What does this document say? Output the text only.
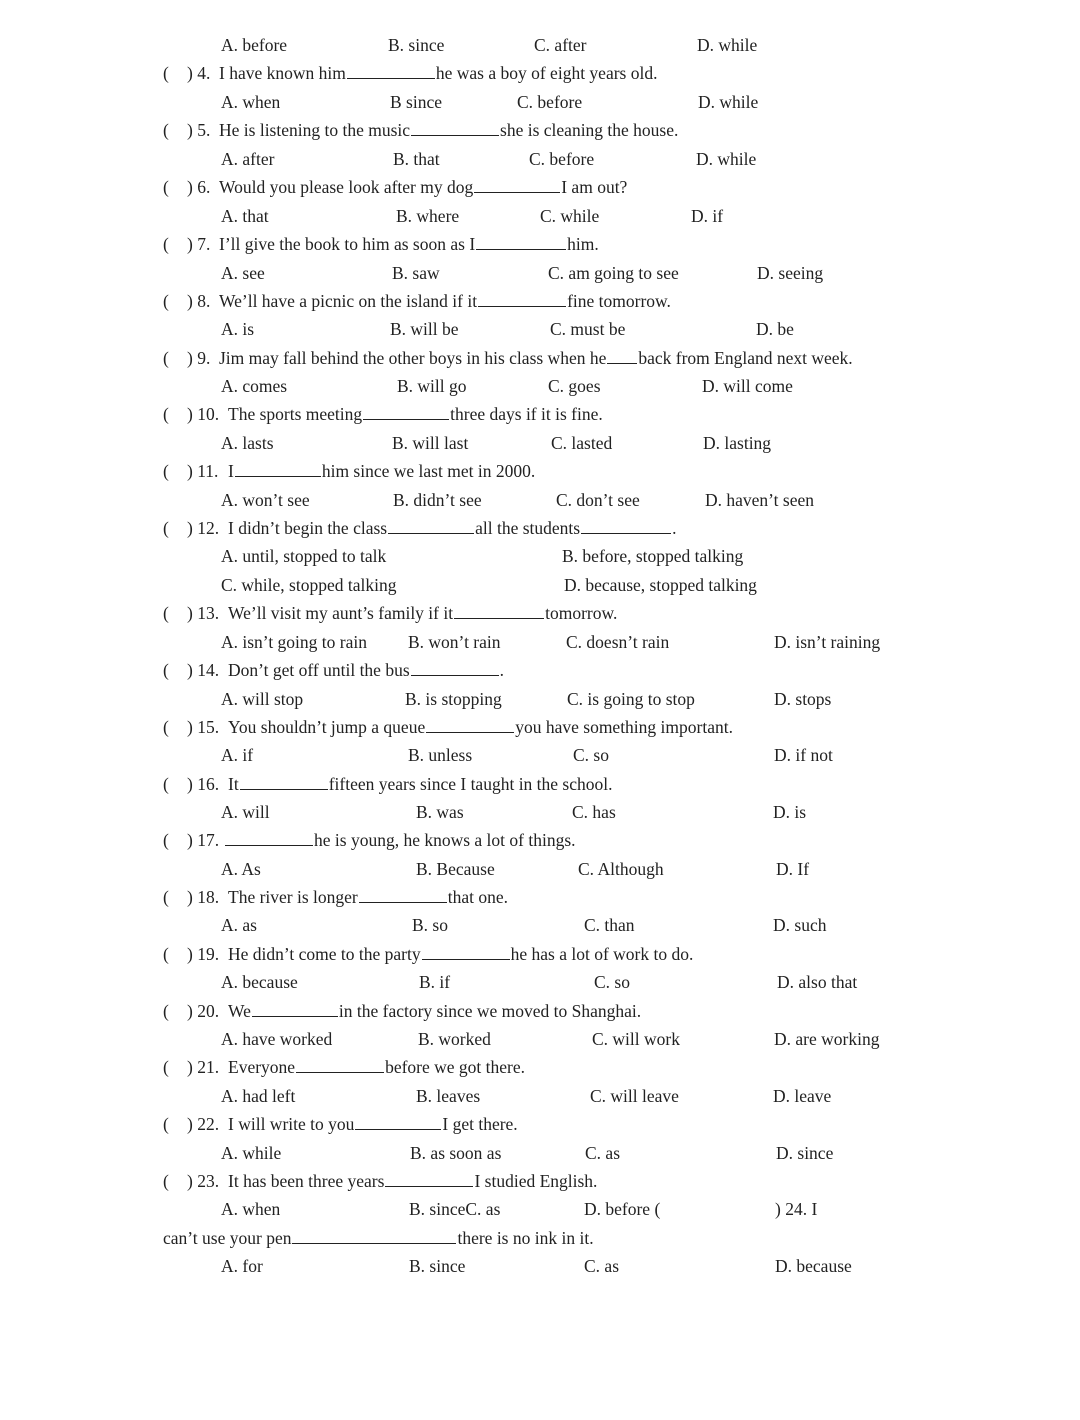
A. before	B. since	C. after	D. while
( ) 4. I have known him	he was a boy of eight years old.
A. when	B since	C. before	D. while
( ) 5. He is listening to the music	she is cleaning the house.
A. after	B. that	C. before	D. while
( ) 6. Would you please look after my dog	I am out?
A. that	B. where	C. while	D. if
( ) 7. I’ll give the book to him as soon as I	him.
A. see	B. saw	C. am going to see	D. seeing
( ) 8. We’ll have a picnic on the island if it	fine tomorrow.
A. is	B. will be	C. must be	D. be
( ) 9. Jim may fall behind the other boys in his class when he back from England next week.
A. comes	B. will go	C. goes	D. will come
( ) 10. The sports meeting	three days if it is fine.
A. lasts	B. will last	C. lasted	D. lasting
( ) 11. I	him since we last met in 2000.
A. won’t see	B. didn’t see	C. don’t see	D. haven’t seen
( ) 12. I didn’t begin the class	all the students	.
A. until, stopped to talk	B. before, stopped talking
C. while, stopped talking	D. because, stopped talking
( ) 13. We’ll visit my aunt’s family if it	tomorrow.
A. isn’t going to rain B. won’t rain	C. doesn’t rain	D. isn’t raining
( ) 14. Don’t get off until the bus	.
A. will stop	B. is stopping	C. is going to stop	D. stops
( ) 15. You shouldn’t jump a queue	you have something important.
A. if	B. unless	C. so	D. if not
( ) 16. It	fifteen years since I taught in the school.
A. will	B. was	C. has	D. is
( ) 17.	he is young, he knows a lot of things.
A. As	B. Because	C. Although	D. If
( ) 18. The river is longer	that one.
A. as	B. so	C. than	D. such
( ) 19. He didn’t come to the party	he has a lot of work to do.
A. because	B. if	C. so	D. also that
( ) 20. We	in the factory since we moved to Shanghai.
A. have worked	B. worked	C. will work	D. are working
( ) 21. Everyone	before we got there.
A. had left	B. leaves	C. will leave	D. leave
( ) 22. I will write to you	I get there.
A. while	B. as soon as	C. as	D. since
( ) 23. It has been three years	I studied English.
A. when	B. sinceC. as	D. before (	) 24. I
can’t use your pen	there is no ink in it.
A. for	B. since	C. as	D. because
